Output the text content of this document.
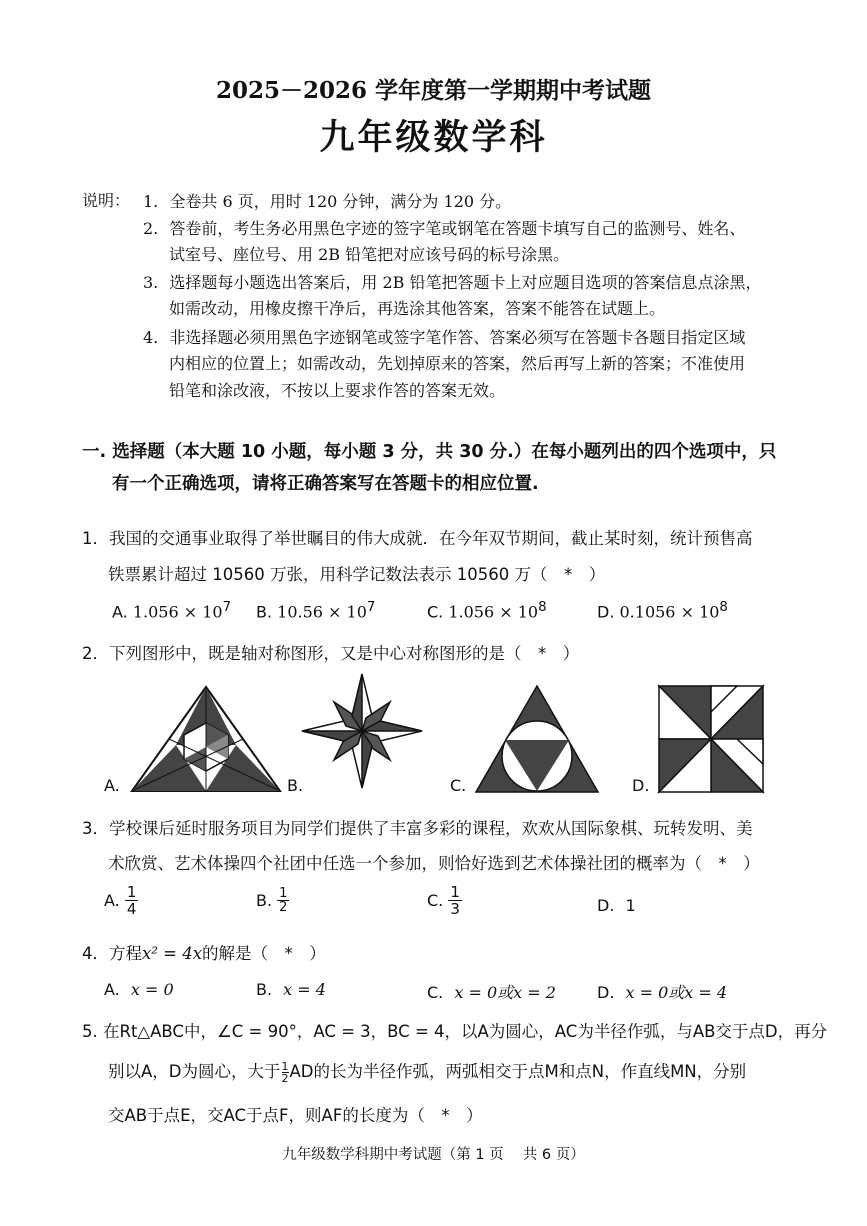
2025－2026 学年度第一学期期中考试题
九年级数学科
说明： 1. 全卷共 6 页，用时 120 分钟，满分为 120 分。
2. 答卷前，考生务必用黑色字迹的签字笔或钢笔在答题卡填写自己的监测号、姓名、
试室号、座位号、用 2B 铅笔把对应该号码的标号涂黑。
3. 选择题每小题选出答案后，用 2B 铅笔把答题卡上对应题目选项的答案信息点涂黑，
如需改动，用橡皮擦干净后，再选涂其他答案，答案不能答在试题上。
4. 非选择题必须用黑色字迹钢笔或签字笔作答、答案必须写在答题卡各题目指定区域
内相应的位置上；如需改动，先划掉原来的答案，然后再写上新的答案；不准使用
铅笔和涂改液，不按以上要求作答的答案无效。
一. 选择题（本大题 10 小题，每小题 3 分，共 30 分.）在每小题列出的四个选项中，只
有一个正确选项，请将正确答案写在答题卡的相应位置.
1．我国的交通事业取得了举世瞩目的伟大成就．在今年双节期间，截止某时刻，统计预售高
铁票累计超过 10560 万张，用科学记数法表示 10560 万（　*　）
A. $1.056 \times 10^7$ B. $10.56 \times 10^7$	C. $1.056 \times 10^8$	D. $0.1056 \times 10^8$
2．下列图形中，既是轴对称图形，又是中心对称图形的是（　*　）
A.	B.	C.	D.
3．学校课后延时服务项目为同学们提供了丰富多彩的课程，欢欢从国际象棋、玩转发明、美
术欣赏、艺术体操四个社团中任选一个参加，则恰好选到艺术体操社团的概率为（　*　）
A. $\frac{1}{4}$	B. $\frac{1}{2}$	C. $\frac{1}{3}$	D. 1
4．方程x² = 4x的解是（　*　）
A. x = 0	B. x = 4	C. x = 0或x = 2	D. x = 0或x = 4
5. 在Rt△ABC中，∠C = 90°，AC = 3，BC = 4，以A为圆心，AC为半径作弧，与AB交于点D，再分
别以A，D为圆心，大于 $\frac{1}{2}$ AD的长为半径作弧，两弧相交于点M和点N，作直线MN，分别
交AB于点E，交AC于点F，则AF的长度为（　*　）
九年级数学科期中考试题（第 1 页　 共 6 页）
